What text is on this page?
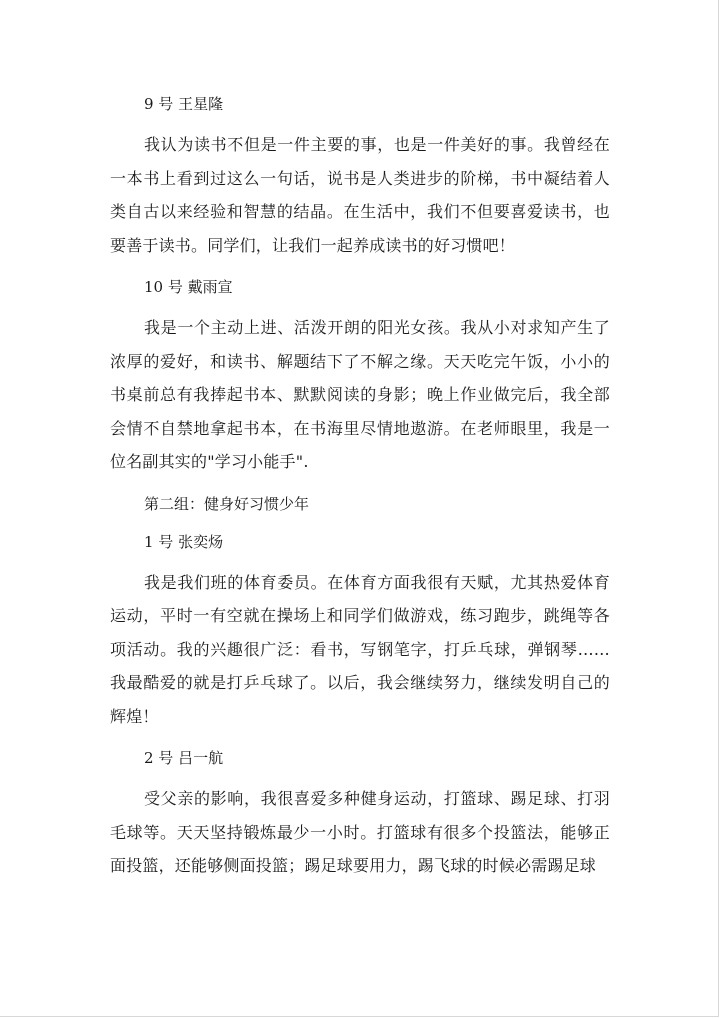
9 号 王星隆

我认为读书不但是一件主要的事，也是一件美好的事。我曾经在一本书上看到过这么一句话，说书是人类进步的阶梯，书中凝结着人类自古以来经验和智慧的结晶。在生活中，我们不但要喜爱读书，也要善于读书。同学们，让我们一起养成读书的好习惯吧！

10 号 戴雨宣

我是一个主动上进、活泼开朗的阳光女孩。我从小对求知产生了浓厚的爱好，和读书、解题结下了不解之缘。天天吃完午饭，小小的书桌前总有我捧起书本、默默阅读的身影；晚上作业做完后，我全部会情不自禁地拿起书本，在书海里尽情地遨游。在老师眼里，我是一位名副其实的"学习小能手".

第二组：健身好习惯少年
1 号 张奕炀

我是我们班的体育委员。在体育方面我很有天赋，尤其热爱体育运动，平时一有空就在操场上和同学们做游戏，练习跑步，跳绳等各项活动。我的兴趣很广泛：看书，写钢笔字，打乒乓球，弹钢琴……我最酷爱的就是打乒乓球了。以后，我会继续努力，继续发明自己的辉煌！

2 号 吕一航

受父亲的影响，我很喜爱多种健身运动，打篮球、踢足球、打羽毛球等。天天坚持锻炼最少一小时。打篮球有很多个投篮法，能够正面投篮，还能够侧面投篮；踢足球要用力，踢飞球的时候必需踢足球
